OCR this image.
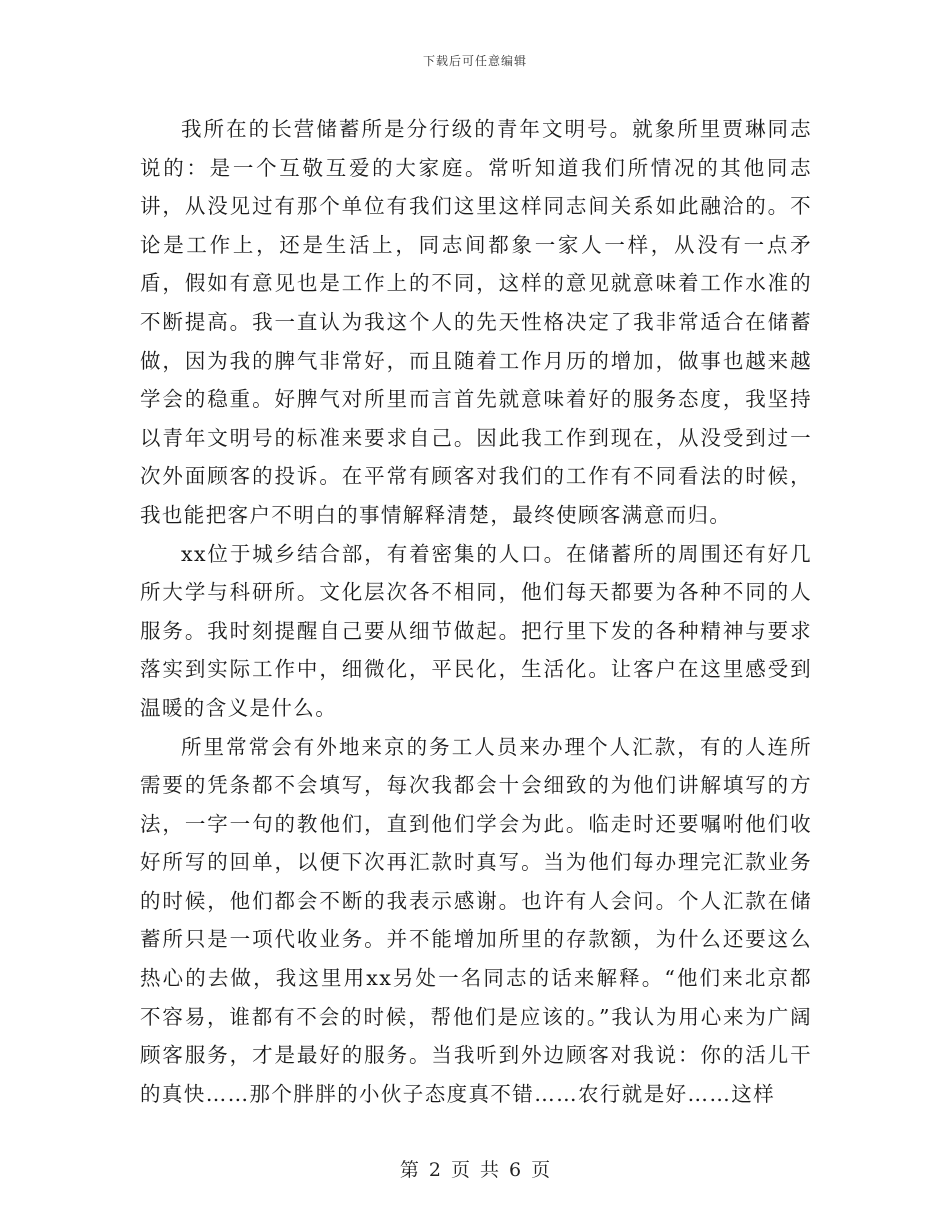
下载后可任意编辑

我所在的长营储蓄所是分行级的青年文明号。就象所里贾琳同志说的：是一个互敬互爱的大家庭。常听知道我们所情况的其他同志讲，从没见过有那个单位有我们这里这样同志间关系如此融洽的。不论是工作上，还是生活上，同志间都象一家人一样，从没有一点矛盾，假如有意见也是工作上的不同，这样的意见就意味着工作水准的不断提高。我一直认为我这个人的先天性格决定了我非常适合在储蓄做，因为我的脾气非常好，而且随着工作月历的增加，做事也越来越学会的稳重。好脾气对所里而言首先就意味着好的服务态度，我坚持以青年文明号的标准来要求自己。因此我工作到现在，从没受到过一次外面顾客的投诉。在平常有顾客对我们的工作有不同看法的时候，我也能把客户不明白的事情解释清楚，最终使顾客满意而归。

xx位于城乡结合部，有着密集的人口。在储蓄所的周围还有好几所大学与科研所。文化层次各不相同，他们每天都要为各种不同的人服务。我时刻提醒自己要从细节做起。把行里下发的各种精神与要求落实到实际工作中，细微化，平民化，生活化。让客户在这里感受到温暖的含义是什么。

所里常常会有外地来京的务工人员来办理个人汇款，有的人连所需要的凭条都不会填写，每次我都会十会细致的为他们讲解填写的方法，一字一句的教他们，直到他们学会为此。临走时还要嘱咐他们收好所写的回单，以便下次再汇款时真写。当为他们每办理完汇款业务的时候，他们都会不断的我表示感谢。也许有人会问。个人汇款在储蓄所只是一项代收业务。并不能增加所里的存款额，为什么还要这么热心的去做，我这里用xx另处一名同志的话来解释。“他们来北京都不容易，谁都有不会的时候，帮他们是应该的。”我认为用心来为广阔顾客服务，才是最好的服务。当我听到外边顾客对我说：你的活儿干的真快……那个胖胖的小伙子态度真不错……农行就是好……这样

第 2 页 共 6 页
